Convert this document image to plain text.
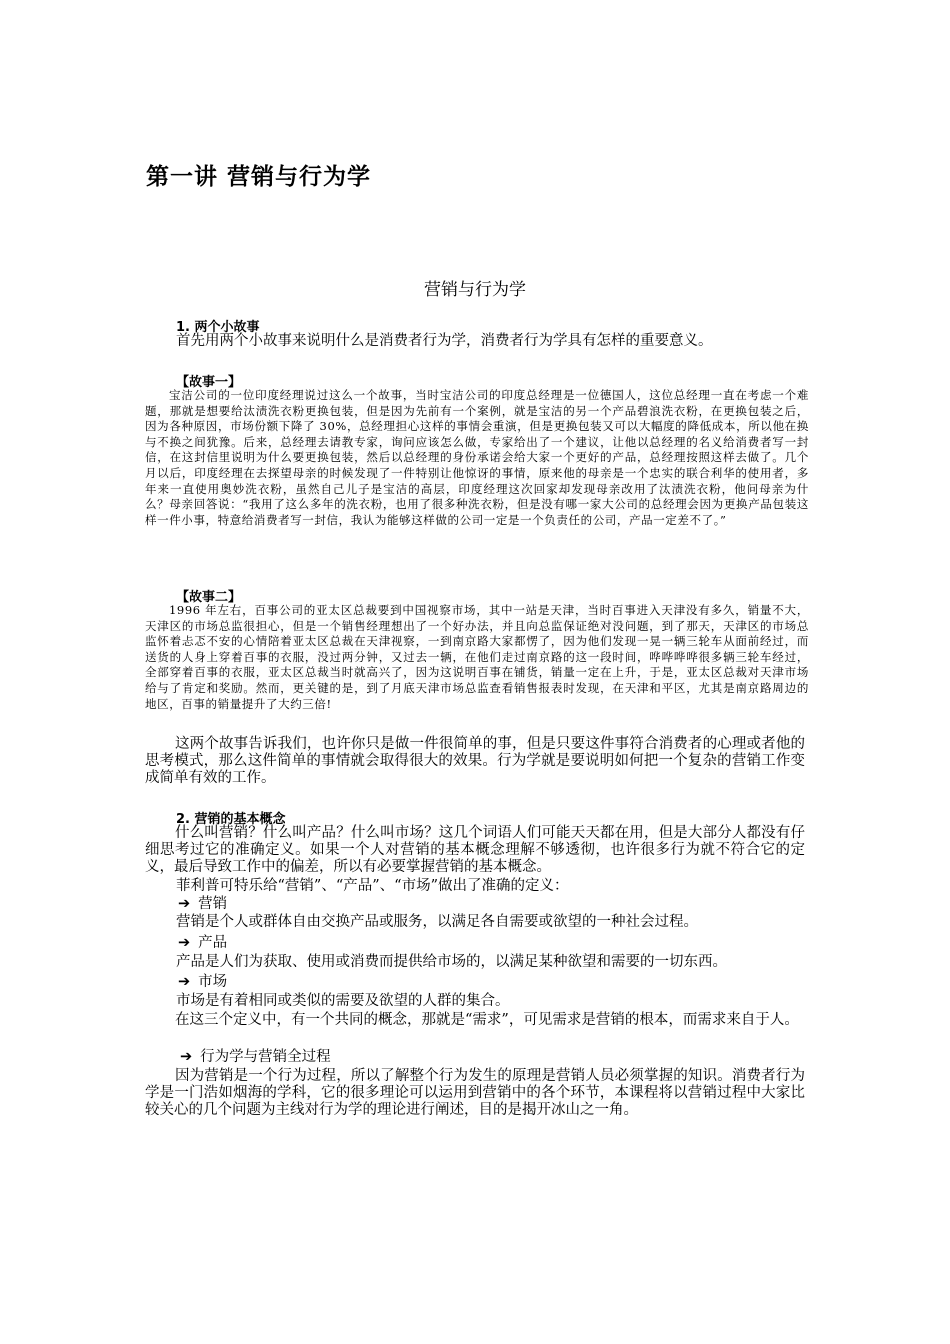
第一讲 营销与行为学
营销与行为学
1. 两个小故事
首先用两个小故事来说明什么是消费者行为学，消费者行为学具有怎样的重要意义。
【故事一】
宝洁公司的一位印度经理说过这么一个故事，当时宝洁公司的印度总经理是一位德国人，这位总经理一直在考虑一个难题，那就是想要给汰渍洗衣粉更换包装，但是因为先前有一个案例，就是宝洁的另一个产品碧浪洗衣粉，在更换包装之后，因为各种原因，市场份额下降了 30%，总经理担心这样的事情会重演，但是更换包装又可以大幅度的降低成本，所以他在换与不换之间犹豫。后来，总经理去请教专家，询问应该怎么做，专家给出了一个建议，让他以总经理的名义给消费者写一封信，在这封信里说明为什么要更换包装，然后以总经理的身份承诺会给大家一个更好的产品，总经理按照这样去做了。几个月以后，印度经理在去探望母亲的时候发现了一件特别让他惊讶的事情，原来他的母亲是一个忠实的联合利华的使用者，多年来一直使用奥妙洗衣粉，虽然自己儿子是宝洁的高层，印度经理这次回家却发现母亲改用了汰渍洗衣粉，他问母亲为什么？母亲回答说：“我用了这么多年的洗衣粉，也用了很多种洗衣粉，但是没有哪一家大公司的总经理会因为更换产品包装这样一件小事，特意给消费者写一封信，我认为能够这样做的公司一定是一个负责任的公司，产品一定差不了。”
【故事二】
1996 年左右，百事公司的亚太区总裁要到中国视察市场，其中一站是天津，当时百事进入天津没有多久，销量不大，天津区的市场总监很担心，但是一个销售经理想出了一个好办法，并且向总监保证绝对没问题，到了那天，天津区的市场总监怀着忐忑不安的心情陪着亚太区总裁在天津视察，一到南京路大家都愣了，因为他们发现一晃一辆三轮车从面前经过，而送货的人身上穿着百事的衣服，没过两分钟，又过去一辆，在他们走过南京路的这一段时间，哗哗哗哗很多辆三轮车经过，全部穿着百事的衣服，亚太区总裁当时就高兴了，因为这说明百事在铺货，销量一定在上升，于是，亚太区总裁对天津市场给与了肯定和奖励。然而，更关键的是，到了月底天津市场总监查看销售报表时发现，在天津和平区，尤其是南京路周边的地区，百事的销量提升了大约三倍!
这两个故事告诉我们，也许你只是做一件很简单的事，但是只要这件事符合消费者的心理或者他的思考模式，那么这件简单的事情就会取得很大的效果。行为学就是要说明如何把一个复杂的营销工作变成简单有效的工作。
2. 营销的基本概念
什么叫营销？什么叫产品？什么叫市场？这几个词语人们可能天天都在用，但是大部分人都没有仔细思考过它的准确定义。如果一个人对营销的基本概念理解不够透彻，也许很多行为就不符合它的定义，最后导致工作中的偏差，所以有必要掌握营销的基本概念。
菲利普可特乐给“营销”、“产品”、“市场”做出了准确的定义：
➔ 营销
营销是个人或群体自由交换产品或服务，以满足各自需要或欲望的一种社会过程。
➔ 产品
产品是人们为获取、使用或消费而提供给市场的，以满足某种欲望和需要的一切东西。
➔ 市场
市场是有着相同或类似的需要及欲望的人群的集合。
在这三个定义中，有一个共同的概念，那就是“需求”，可见需求是营销的根本，而需求来自于人。
➔ 行为学与营销全过程
因为营销是一个行为过程，所以了解整个行为发生的原理是营销人员必须掌握的知识。消费者行为学是一门浩如烟海的学科，它的很多理论可以运用到营销中的各个环节，本课程将以营销过程中大家比较关心的几个问题为主线对行为学的理论进行阐述，目的是揭开冰山之一角。
